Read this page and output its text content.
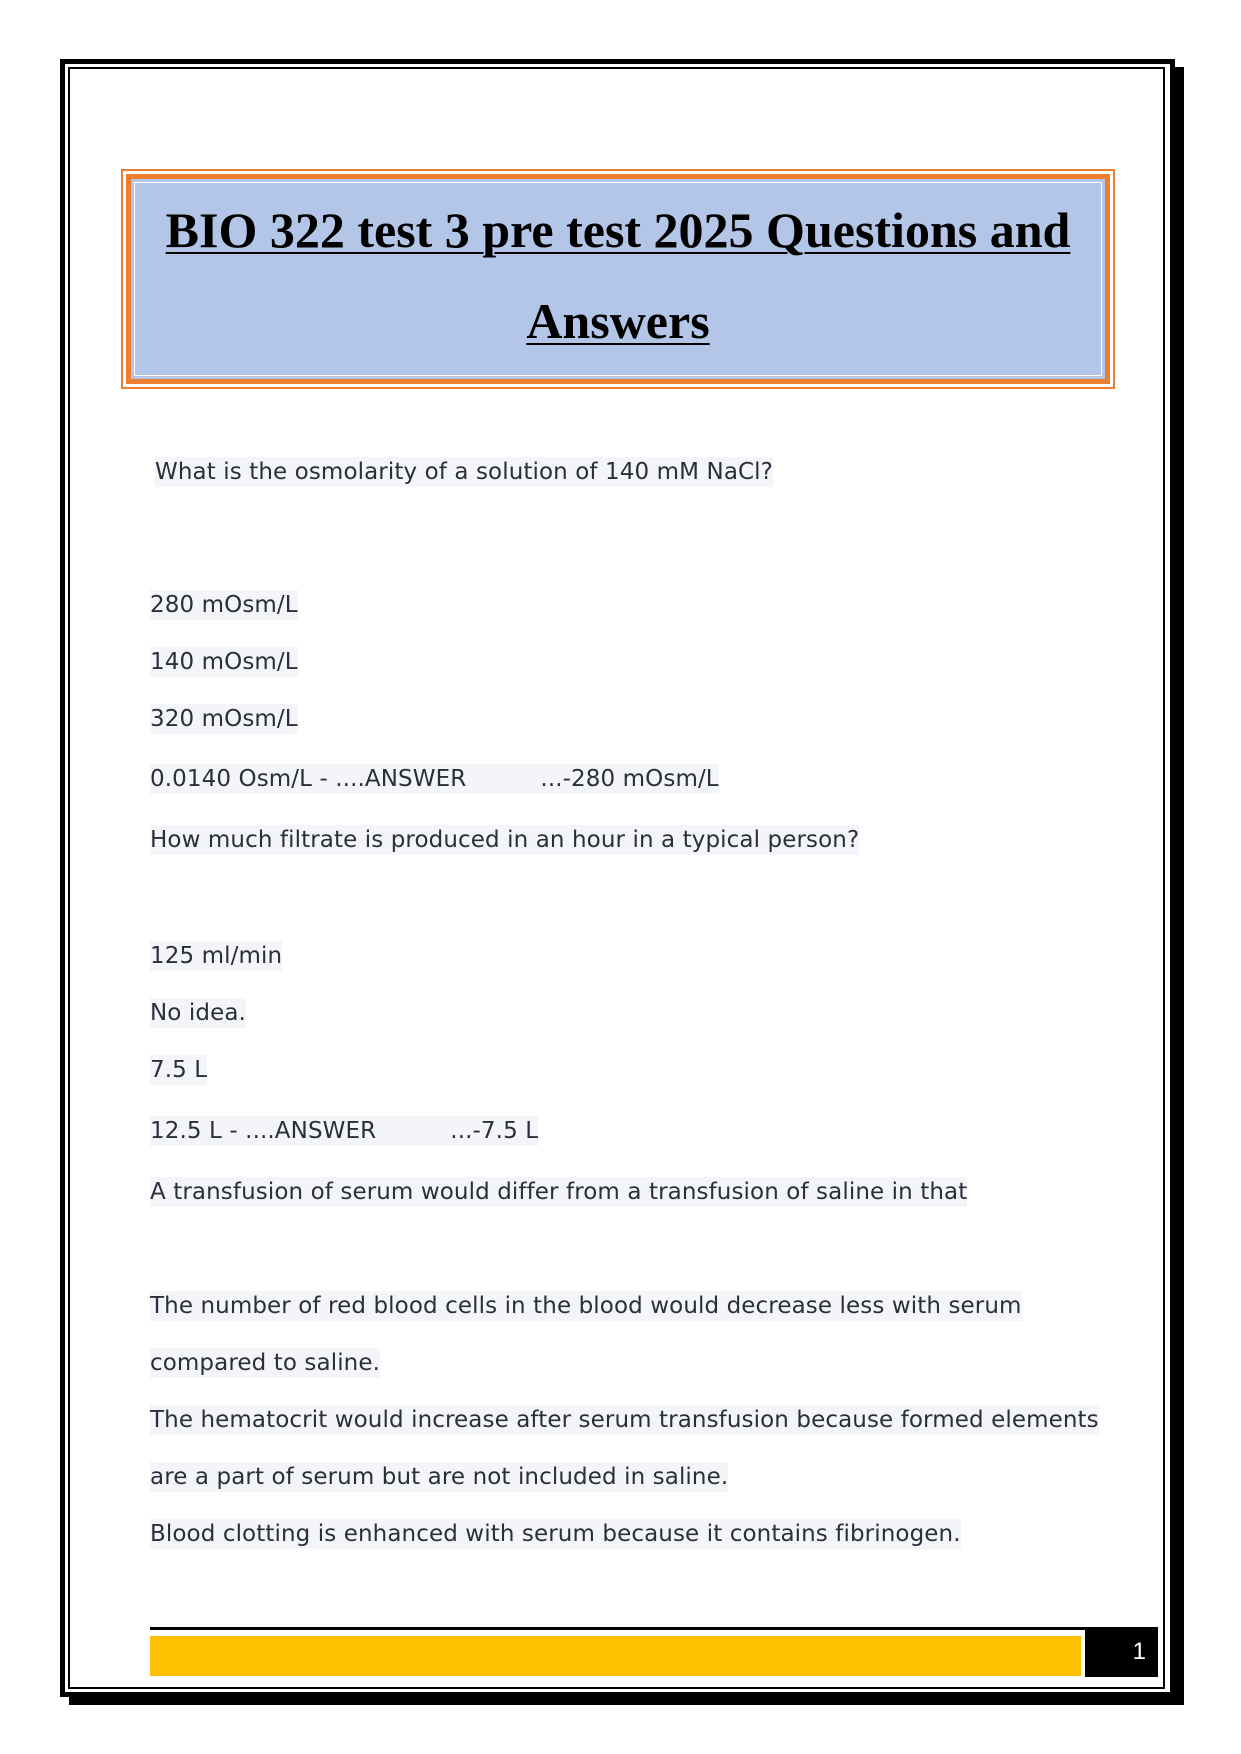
BIO 322 test 3 pre test 2025 Questions and Answers
What is the osmolarity of a solution of 140 mM NaCl?
280 mOsm/L
140 mOsm/L
320 mOsm/L
0.0140 Osm/L - ....ANSWER          ...-280 mOsm/L
How much filtrate is produced in an hour in a typical person?
125 ml/min
No idea.
7.5 L
12.5 L - ....ANSWER          ...-7.5 L
A transfusion of serum would differ from a transfusion of saline in that
The number of red blood cells in the blood would decrease less with serum
compared to saline.
The hematocrit would increase after serum transfusion because formed elements
are a part of serum but are not included in saline.
Blood clotting is enhanced with serum because it contains fibrinogen.
1
